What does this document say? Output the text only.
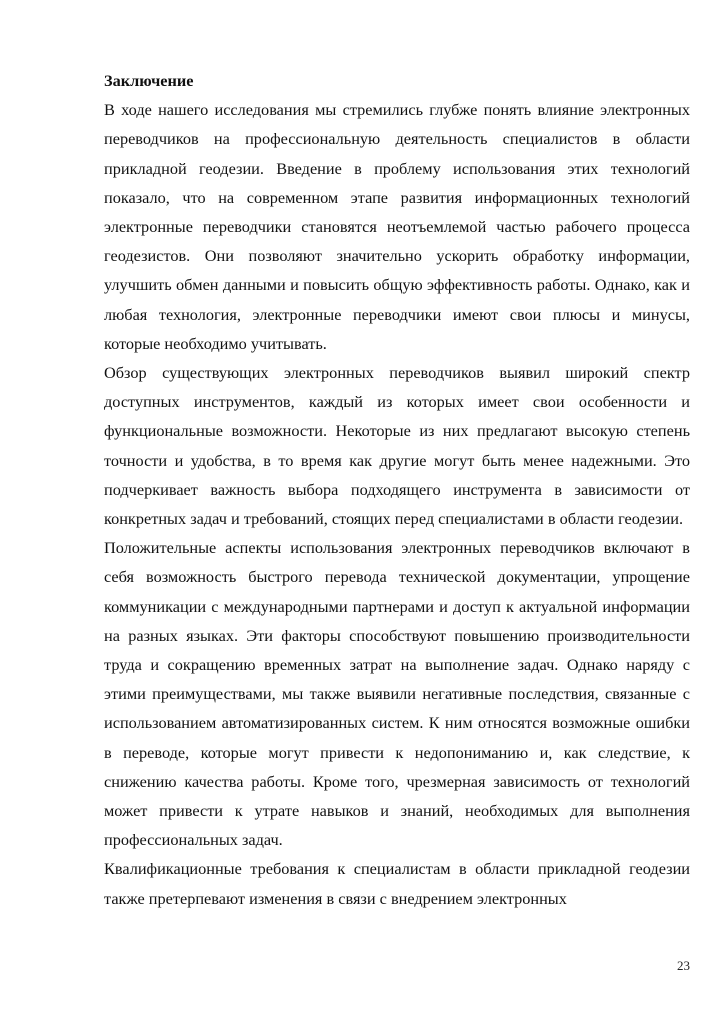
Заключение

В ходе нашего исследования мы стремились глубже понять влияние электронных переводчиков на профессиональную деятельность специалистов в области прикладной геодезии. Введение в проблему использования этих технологий показало, что на современном этапе развития информационных технологий электронные переводчики становятся неотъемлемой частью рабочего процесса геодезистов. Они позволяют значительно ускорить обработку информации, улучшить обмен данными и повысить общую эффективность работы. Однако, как и любая технология, электронные переводчики имеют свои плюсы и минусы, которые необходимо учитывать.

Обзор существующих электронных переводчиков выявил широкий спектр доступных инструментов, каждый из которых имеет свои особенности и функциональные возможности. Некоторые из них предлагают высокую степень точности и удобства, в то время как другие могут быть менее надежными. Это подчеркивает важность выбора подходящего инструмента в зависимости от конкретных задач и требований, стоящих перед специалистами в области геодезии.

Положительные аспекты использования электронных переводчиков включают в себя возможность быстрого перевода технической документации, упрощение коммуникации с международными партнерами и доступ к актуальной информации на разных языках. Эти факторы способствуют повышению производительности труда и сокращению временных затрат на выполнение задач. Однако наряду с этими преимуществами, мы также выявили негативные последствия, связанные с использованием автоматизированных систем. К ним относятся возможные ошибки в переводе, которые могут привести к недопониманию и, как следствие, к снижению качества работы. Кроме того, чрезмерная зависимость от технологий может привести к утрате навыков и знаний, необходимых для выполнения профессиональных задач.

Квалификационные требования к специалистам в области прикладной геодезии также претерпевают изменения в связи с внедрением электронных

23
